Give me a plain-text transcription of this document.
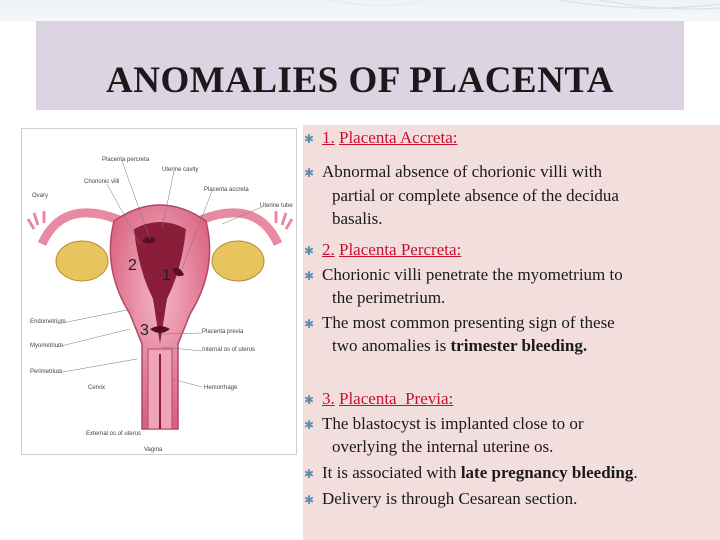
ANOMALIES OF PLACENTA
Placenta percreta
Uterine cavity
Chorionic villi
Ovary
Placenta accreta
Uterine tube
Endometrium
Myometrium
Perimetrium
Cervix
External os of uterus
Vagina
Placenta previa
Internal os of uterus
Hemorrhage
2
1
3
✱ 1. Placenta Accreta:
✱ Abnormal absence of chorionic villi with
partial or complete absence of the decidua
basalis.
✱ 2. Placenta Percreta:
✱ Chorionic villi penetrate the myometrium to
the perimetrium.
✱ The most common presenting sign of these
two anomalies is trimester bleeding.
✱ 3. Placenta  Previa:
✱ The blastocyst is implanted close to or
overlying the internal uterine os.
✱ It is associated with late pregnancy bleeding.
✱ Delivery is through Cesarean section.
